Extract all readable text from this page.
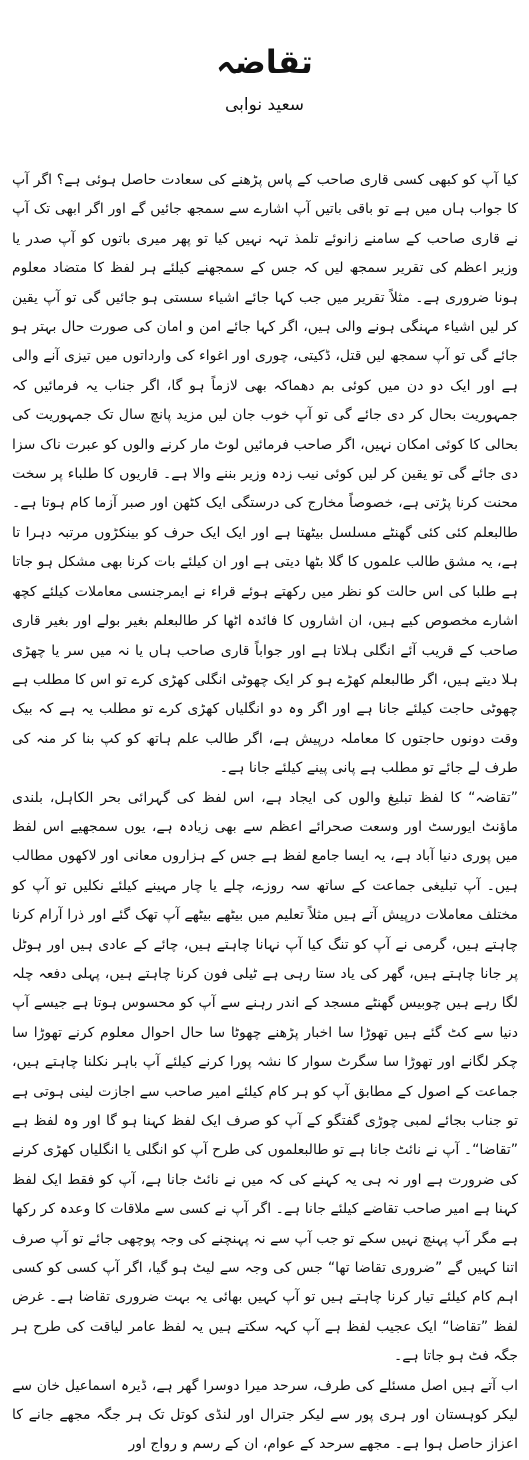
تقاضہ
سعید نوابی

کیا آپ کو کبھی کسی قاری صاحب کے پاس پڑھنے کی سعادت حاصل ہوئی ہے؟ اگر آپ کا جواب ہاں میں ہے تو باقی باتیں آپ اشارے سے سمجھ جائیں گے اور اگر ابھی تک آپ نے قاری صاحب کے سامنے زانوئے تلمذ تہہ نہیں کیا تو پھر میری باتوں کو آپ صدر یا وزیر اعظم کی تقریر سمجھ لیں کہ جس کے سمجھنے کیلئے ہر لفظ کا متضاد معلوم ہونا ضروری ہے۔ مثلاً تقریر میں جب کہا جائے اشیاء سستی ہو جائیں گی تو آپ یقین کر لیں اشیاء مہنگی ہونے والی ہیں، اگر کہا جائے امن و امان کی صورت حال بہتر ہو جائے گی تو آپ سمجھ لیں قتل، ڈکیتی، چوری اور اغواء کی وارداتوں میں تیزی آنے والی ہے اور ایک دو دن میں کوئی بم دھماکہ بھی لازماً ہو گا، اگر جناب یہ فرمائیں کہ جمہوریت بحال کر دی جائے گی تو آپ خوب جان لیں مزید پانچ سال تک جمہوریت کی بحالی کا کوئی امکان نہیں، اگر صاحب فرمائیں لوٹ مار کرنے والوں کو عبرت ناک سزا دی جائے گی تو یقین کر لیں کوئی نیب زدہ وزیر بننے والا ہے۔ قاریوں کا طلباء پر سخت محنت کرنا پڑتی ہے، خصوصاً مخارج کی درستگی ایک کٹھن اور صبر آزما کام ہوتا ہے۔ طالبعلم کئی کئی گھنٹے مسلسل بیٹھتا ہے اور ایک ایک حرف کو بینکڑوں مرتبہ دہرا تا ہے، یہ مشق طالب علموں کا گلا بٹھا دیتی ہے اور ان کیلئے بات کرنا بھی مشکل ہو جاتا ہے طلبا کی اس حالت کو نظر میں رکھتے ہوئے قراء نے ایمرجنسی معاملات کیلئے کچھ اشارے مخصوص کیے ہیں، ان اشاروں کا فائدہ اٹھا کر طالبعلم بغیر بولے اور بغیر قاری صاحب کے قریب آئے انگلی ہلاتا ہے اور جواباً قاری صاحب ہاں یا نہ میں سر یا چھڑی ہلا دیتے ہیں، اگر طالبعلم کھڑے ہو کر ایک چھوٹی انگلی کھڑی کرے تو اس کا مطلب ہے چھوٹی حاجت کیلئے جانا ہے اور اگر وہ دو انگلیاں کھڑی کرے تو مطلب یہ ہے کہ بیک وقت دونوں حاجتوں کا معاملہ درپیش ہے، اگر طالب علم ہاتھ کو کپ بنا کر منہ کی طرف لے جائے تو مطلب ہے پانی پینے کیلئے جانا ہے۔

”تقاضہ“ کا لفظ تبلیغ والوں کی ایجاد ہے، اس لفظ کی گہرائی بحر الکاہل، بلندی ماؤنٹ ایورسٹ اور وسعت صحرائے اعظم سے بھی زیادہ ہے، یوں سمجھیے اس لفظ میں پوری دنیا آباد ہے، یہ ایسا جامع لفظ ہے جس کے ہزاروں معانی اور لاکھوں مطالب ہیں۔ آپ تبلیغی جماعت کے ساتھ سہ روزے، چلے یا چار مہینے کیلئے نکلیں تو آپ کو مختلف معاملات درپیش آتے ہیں مثلاً تعلیم میں بیٹھے بیٹھے آپ تھک گئے اور ذرا آرام کرنا چاہتے ہیں، گرمی نے آپ کو تنگ کیا آپ نہانا چاہتے ہیں، چائے کے عادی ہیں اور ہوٹل پر جانا چاہتے ہیں، گھر کی یاد ستا رہی ہے ٹیلی فون کرنا چاہتے ہیں، پہلی دفعہ چلہ لگا رہے ہیں چوبیس گھنٹے مسجد کے اندر رہنے سے آپ کو محسوس ہوتا ہے جیسے آپ دنیا سے کٹ گئے ہیں تھوڑا سا اخبار پڑھنے چھوٹا سا حال احوال معلوم کرنے تھوڑا سا چکر لگانے اور تھوڑا سا سگرٹ سوار کا نشہ پورا کرنے کیلئے آپ باہر نکلنا چاہتے ہیں، جماعت کے اصول کے مطابق آپ کو ہر کام کیلئے امیر صاحب سے اجازت لینی ہوتی ہے تو جناب بجائے لمبی چوڑی گفتگو کے آپ کو صرف ایک لفظ کہنا ہو گا اور وہ لفظ ہے ”تقاضا“۔ آپ نے نائٹ جانا ہے تو طالبعلموں کی طرح آپ کو انگلی یا انگلیاں کھڑی کرنے کی ضرورت ہے اور نہ ہی یہ کہنے کی کہ میں نے نائٹ جانا ہے، آپ کو فقط ایک لفظ کہنا ہے امیر صاحب تقاضے کیلئے جانا ہے۔ اگر آپ نے کسی سے ملاقات کا وعدہ کر رکھا ہے مگر آپ پہنچ نہیں سکے تو جب آپ سے نہ پہنچنے کی وجہ پوچھی جائے تو آپ صرف اتنا کہیں گے ”ضروری تقاضا تھا“ جس کی وجہ سے لیٹ ہو گیا، اگر آپ کسی کو کسی اہم کام کیلئے تیار کرنا چاہتے ہیں تو آپ کہیں بھائی یہ بہت ضروری تقاضا ہے۔ غرض لفظ ”تقاضا“ ایک عجیب لفظ ہے آپ کہہ سکتے ہیں یہ لفظ عامر لیاقت کی طرح ہر جگہ فٹ ہو جاتا ہے۔

اب آتے ہیں اصل مسئلے کی طرف، سرحد میرا دوسرا گھر ہے، ڈیرہ اسماعیل خان سے لیکر کوہستان اور ہری پور سے لیکر جترال اور لنڈی کوتل تک ہر جگہ مجھے جانے کا اعزاز حاصل ہوا ہے۔ مجھے سرحد کے عوام، ان کے رسم و رواج اور
